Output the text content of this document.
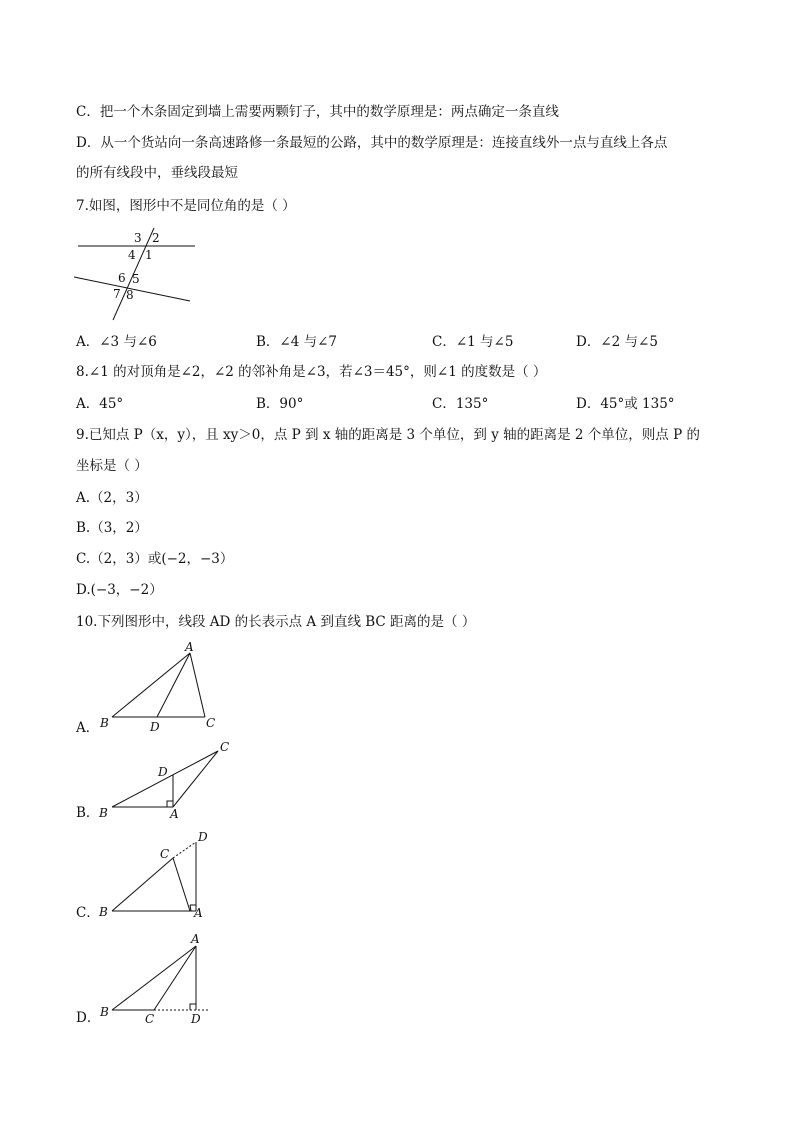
C．把一个木条固定到墙上需要两颗钉子，其中的数学原理是：两点确定一条直线
D．从一个货站向一条高速路修一条最短的公路，其中的数学原理是：连接直线外一点与直线上各点
的所有线段中，垂线段最短
7.如图，图形中不是同位角的是（ ）
3 2
4 1
6 5
7 8
A．∠3 与∠6	B．∠4 与∠7	C．∠1 与∠5	D．∠2 与∠5
8.∠1 的对顶角是∠2，∠2 的邻补角是∠3，若∠3＝45°，则∠1 的度数是（ ）
A．45°	B．90°	C．135°	D．45°或 135°
9.已知点 P（x，y），且 xy＞0，点 P 到 x 轴的距离是 3 个单位，到 y 轴的距离是 2 个单位，则点 P 的
坐标是（ ）
A.（2，3）
B.（3，2）
C.（2，3）或(−2，−3）
D.(−3，−2）
10.下列图形中，线段 AD 的长表示点 A 到直线 BC 距离的是（ ）
A．
A
B	D	C
B．
C
D
B	A
C．
D
C
B	A
D．
A
B	C	D
